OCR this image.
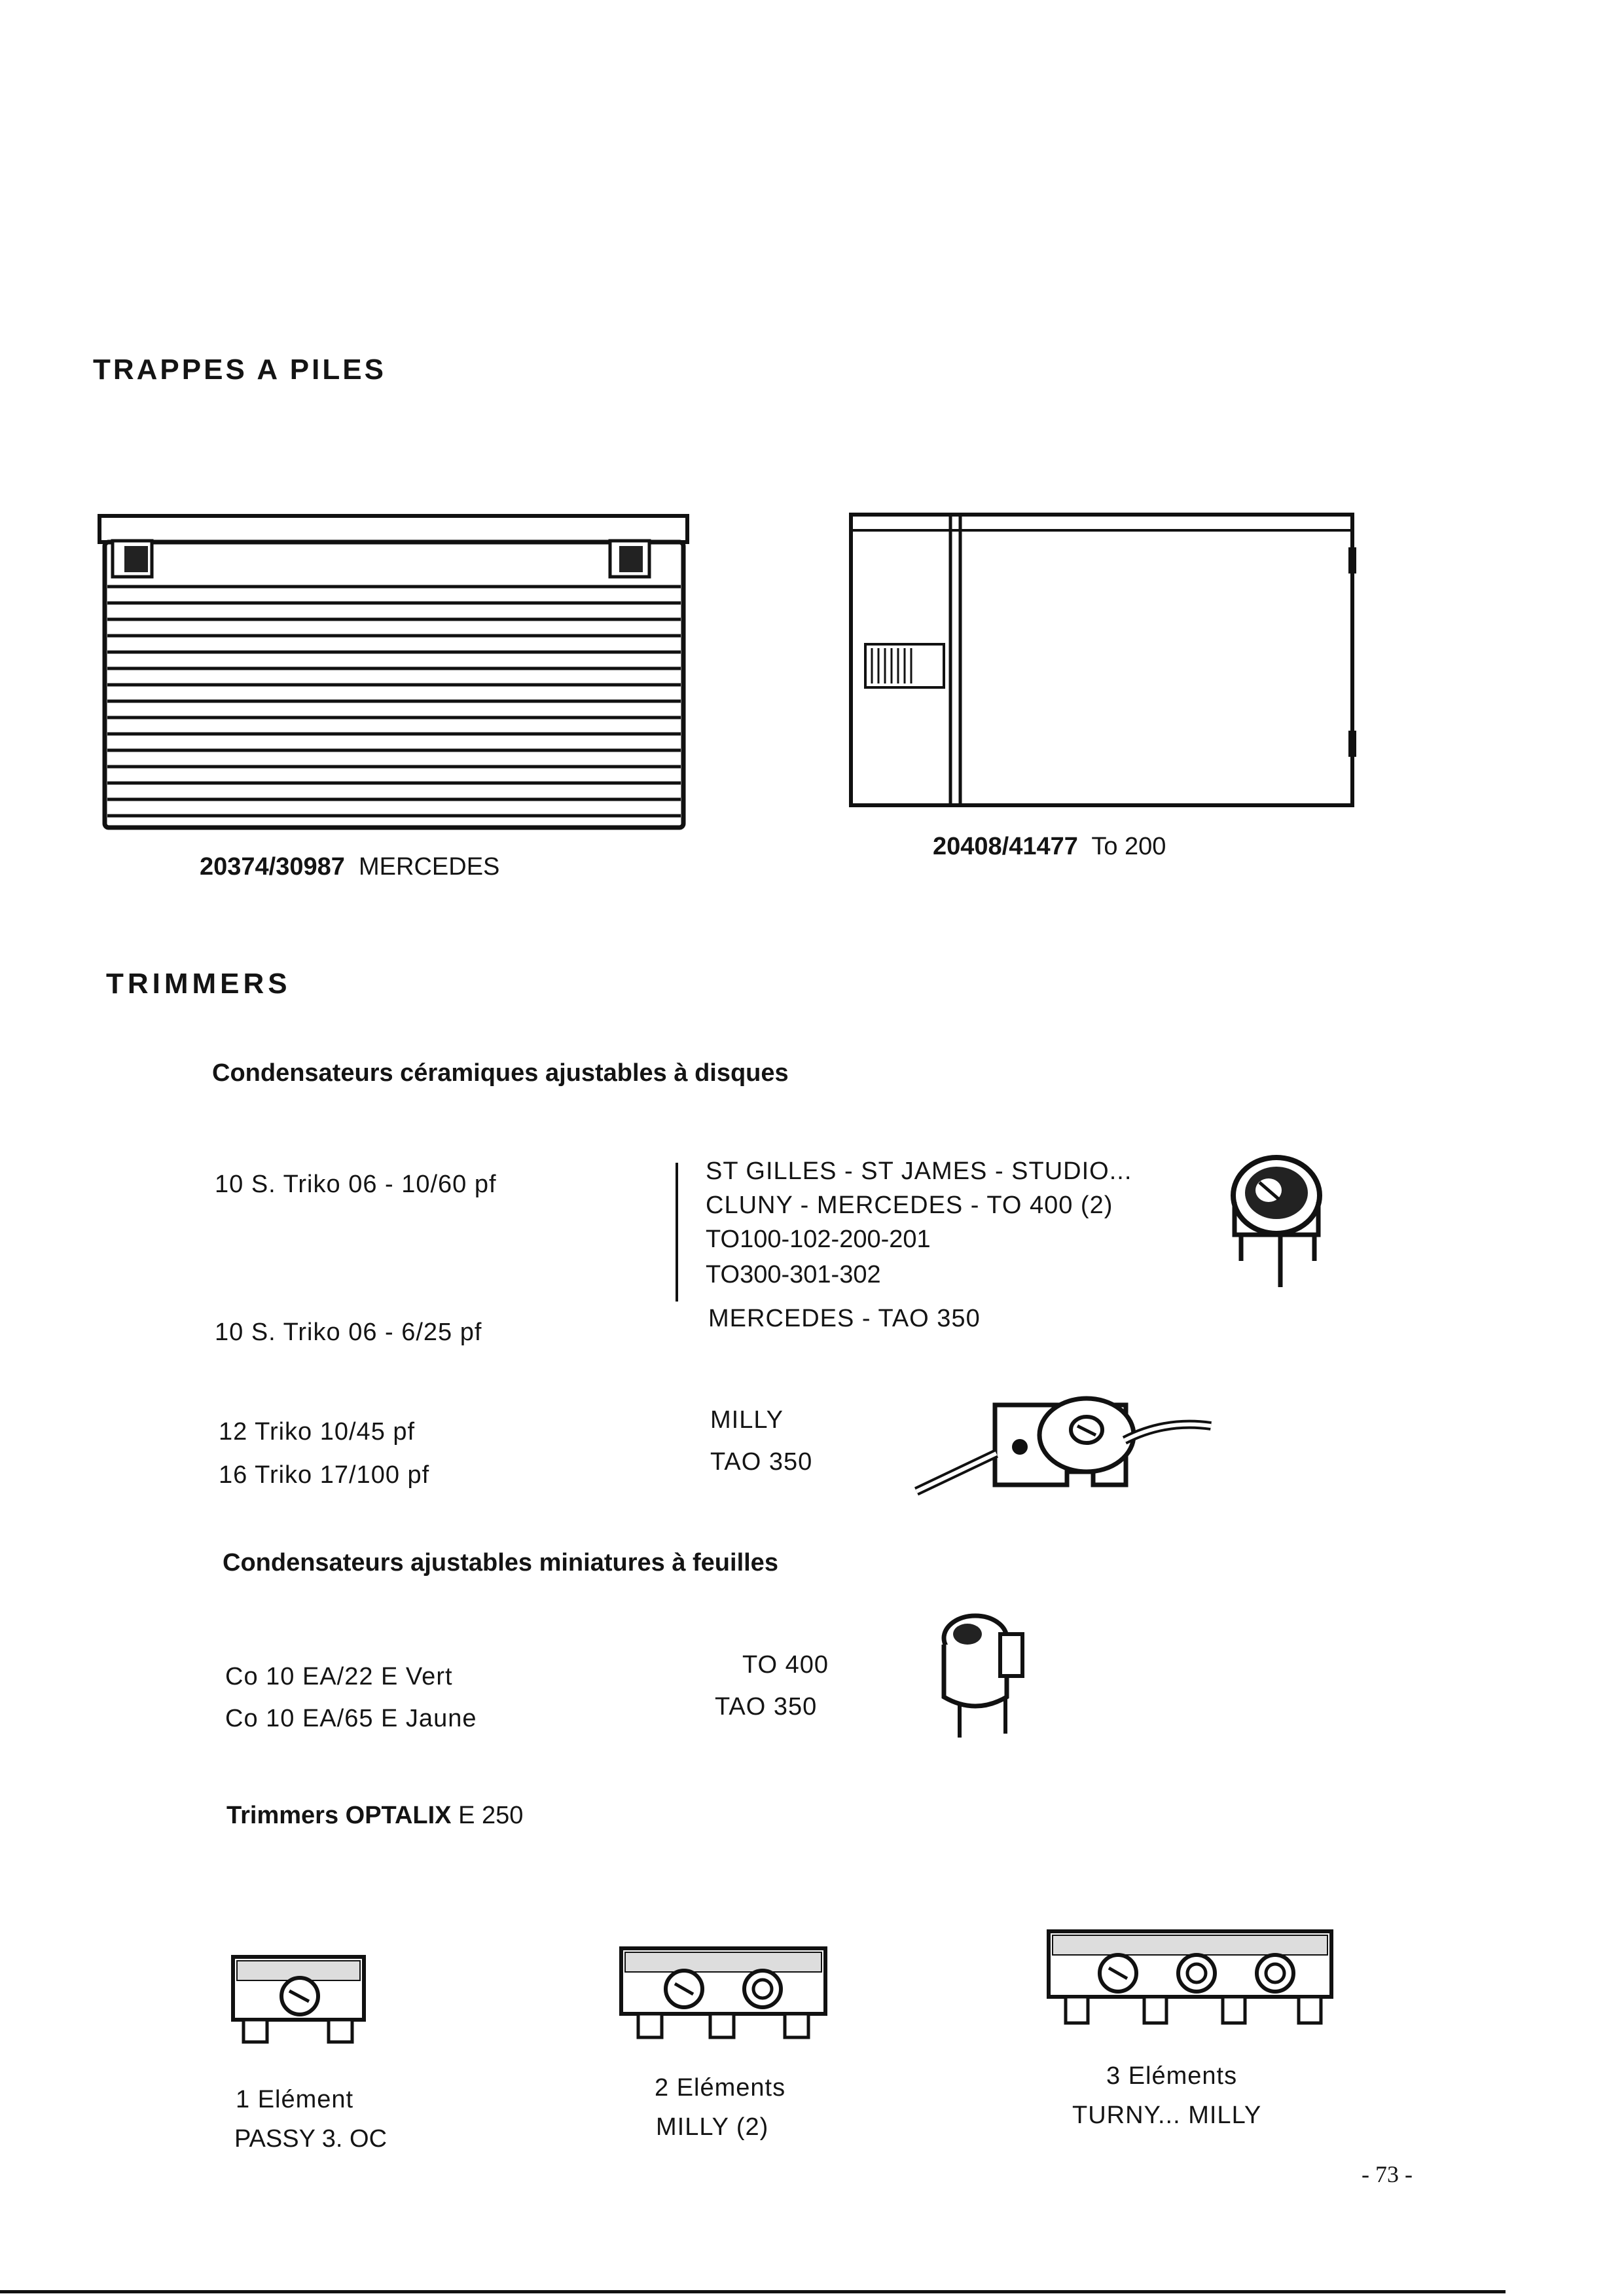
TRAPPES A PILES
20374/30987 MERCEDES
20408/41477 To 200
TRIMMERS
Condensateurs céramiques ajustables à disques
10 S. Triko 06 - 10/60 pf	ST GILLES - ST JAMES - STUDIO...
CLUNY - MERCEDES - TO 400 (2)
TO100-102-200-201
TO300-301-302
10 S. Triko 06 - 6/25 pf	MERCEDES - TAO 350
12 Triko 10/45 pf	MILLY
16 Triko 17/100 pf	TAO 350
Condensateurs ajustables miniatures à feuilles
Co 10 EA/22 E Vert	TO 400
Co 10 EA/65 E Jaune	TAO 350
Trimmers OPTALIX E 250
1 Elément
PASSY 3. OC
2 Eléments
MILLY (2)
3 Eléments
TURNY... MILLY
- 73 -
